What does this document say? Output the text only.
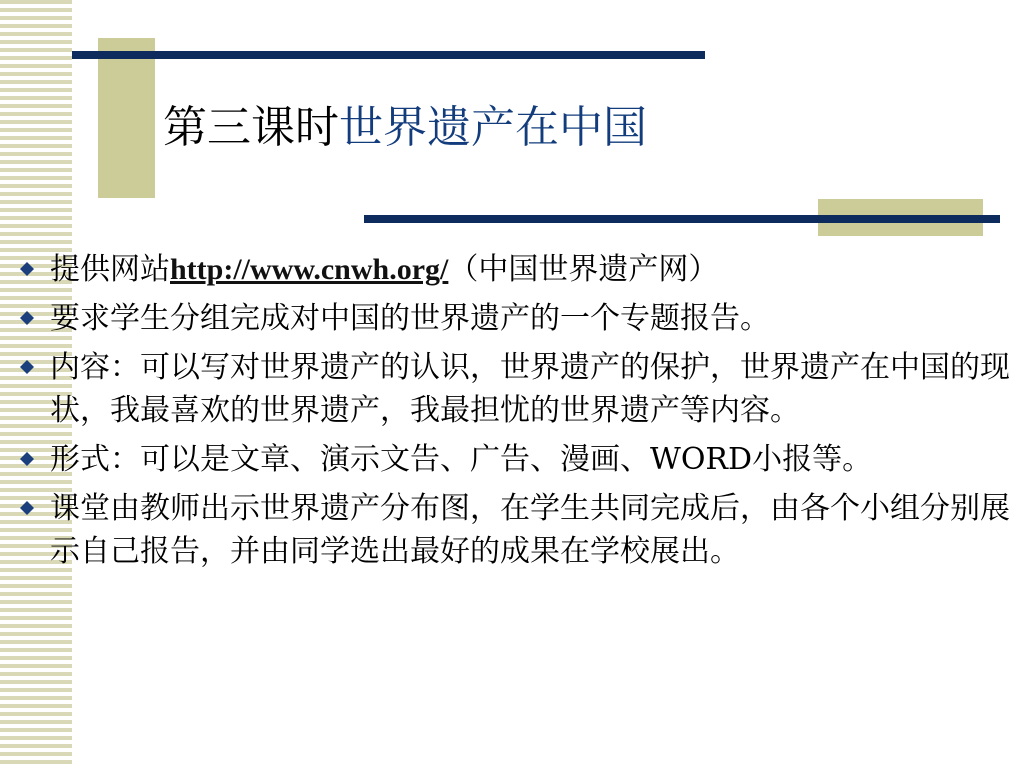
第三课时世界遗产在中国
提供网站http://www.cnwh.org/（中国世界遗产网）
要求学生分组完成对中国的世界遗产的一个专题报告。
内容：可以写对世界遗产的认识，世界遗产的保护，世界遗产在中国的现状，我最喜欢的世界遗产，我最担忧的世界遗产等内容。
形式：可以是文章、演示文告、广告、漫画、WORD小报等。
课堂由教师出示世界遗产分布图，在学生共同完成后，由各个小组分别展示自己报告，并由同学选出最好的成果在学校展出。
